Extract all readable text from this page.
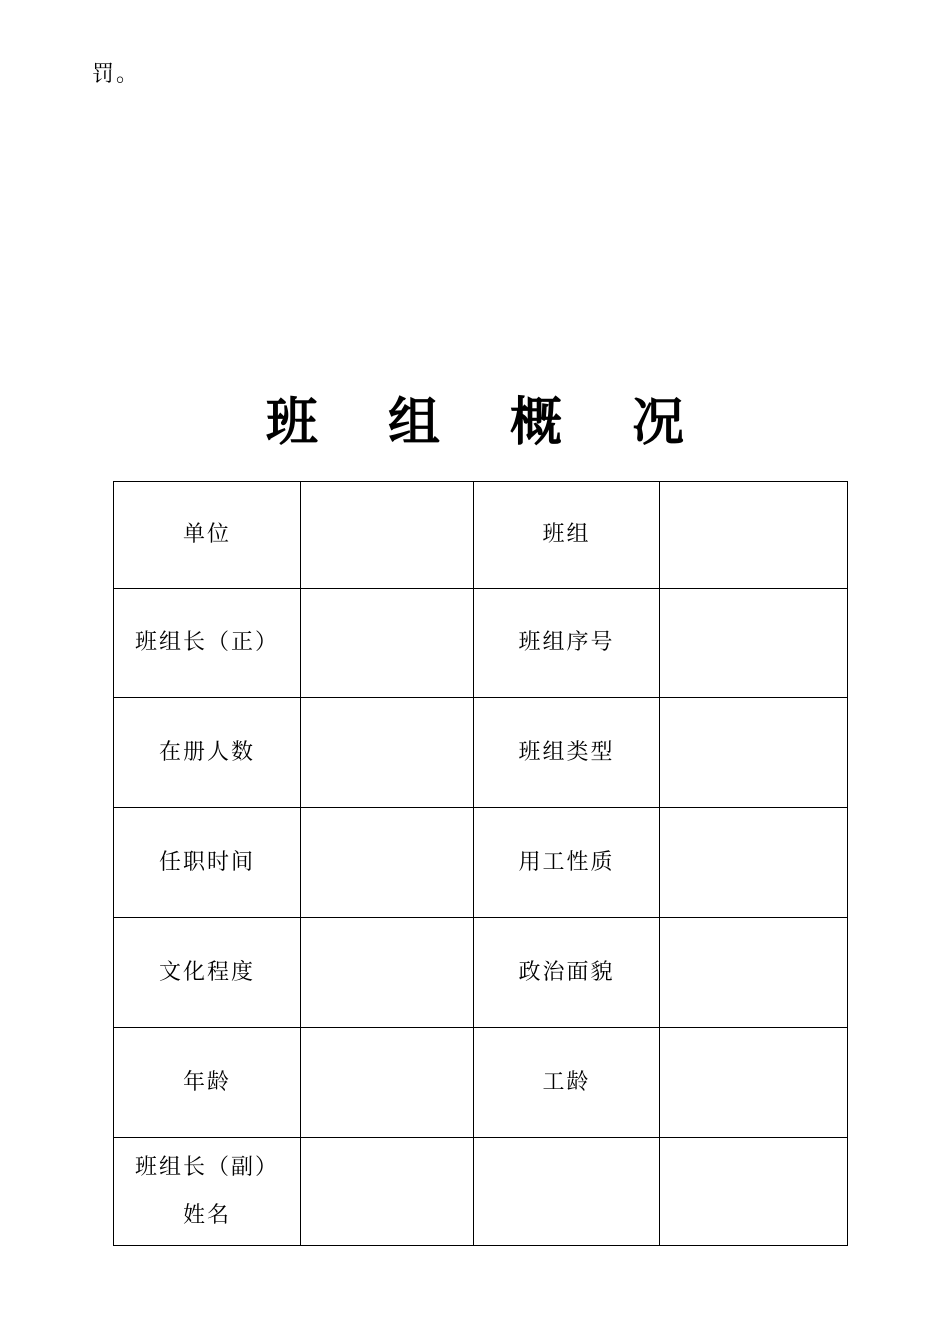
罚。
班 组 概 况
单位		班组	
班组长（正）		班组序号	
在册人数		班组类型	
任职时间		用工性质	
文化程度		政治面貌	
年龄		工龄	
班组长（副）
姓名			
